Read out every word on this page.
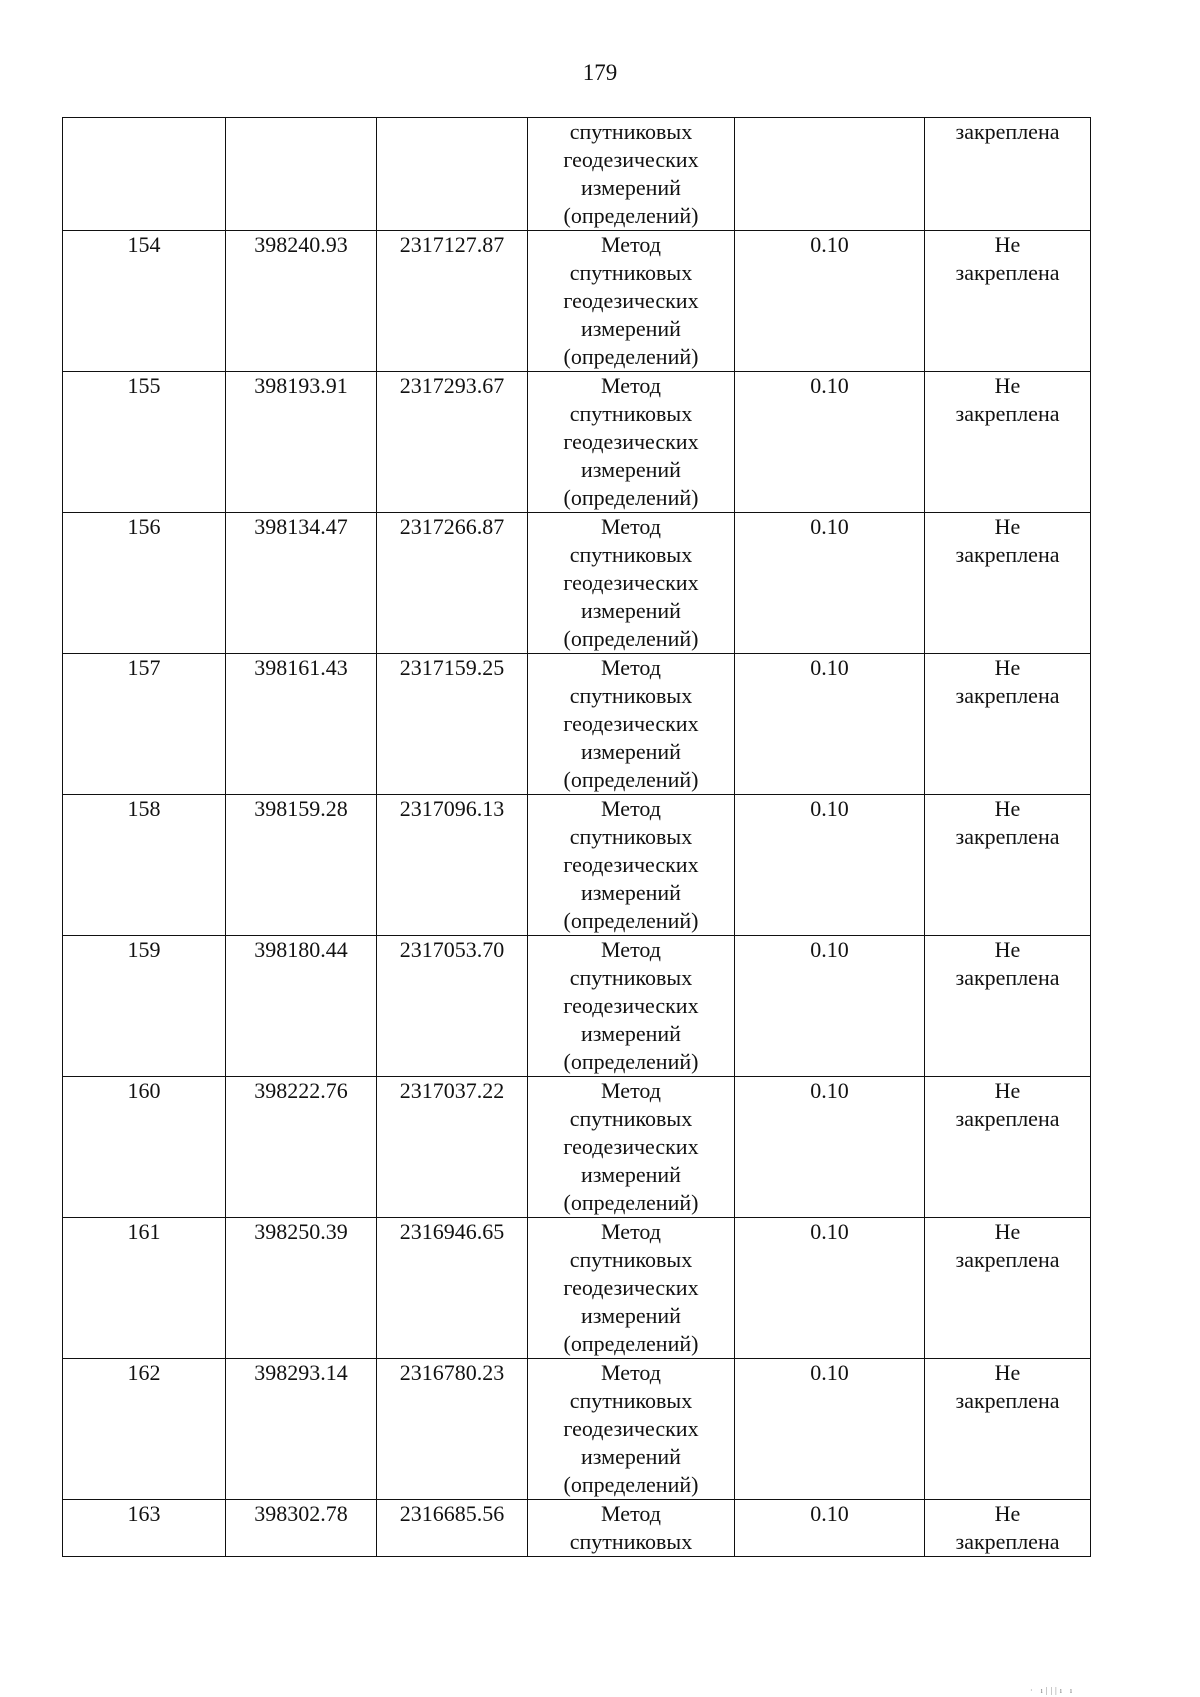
179

			спутниковых
геодезических
измерений
(определений)		закреплена

154	398240.93	2317127.87	Метод
спутниковых
геодезических
измерений
(определений)	0.10	Не
закреплена

155	398193.91	2317293.67	Метод
спутниковых
геодезических
измерений
(определений)	0.10	Не
закреплена

156	398134.47	2317266.87	Метод
спутниковых
геодезических
измерений
(определений)	0.10	Не
закреплена

157	398161.43	2317159.25	Метод
спутниковых
геодезических
измерений
(определений)	0.10	Не
закреплена

158	398159.28	2317096.13	Метод
спутниковых
геодезических
измерений
(определений)	0.10	Не
закреплена

159	398180.44	2317053.70	Метод
спутниковых
геодезических
измерений
(определений)	0.10	Не
закреплена

160	398222.76	2317037.22	Метод
спутниковых
геодезических
измерений
(определений)	0.10	Не
закреплена

161	398250.39	2316946.65	Метод
спутниковых
геодезических
измерений
(определений)	0.10	Не
закреплена

162	398293.14	2316780.23	Метод
спутниковых
геодезических
измерений
(определений)	0.10	Не
закреплена

163	398302.78	2316685.56	Метод
спутниковых	0.10	Не
закреплена
· ı|||ı ı
